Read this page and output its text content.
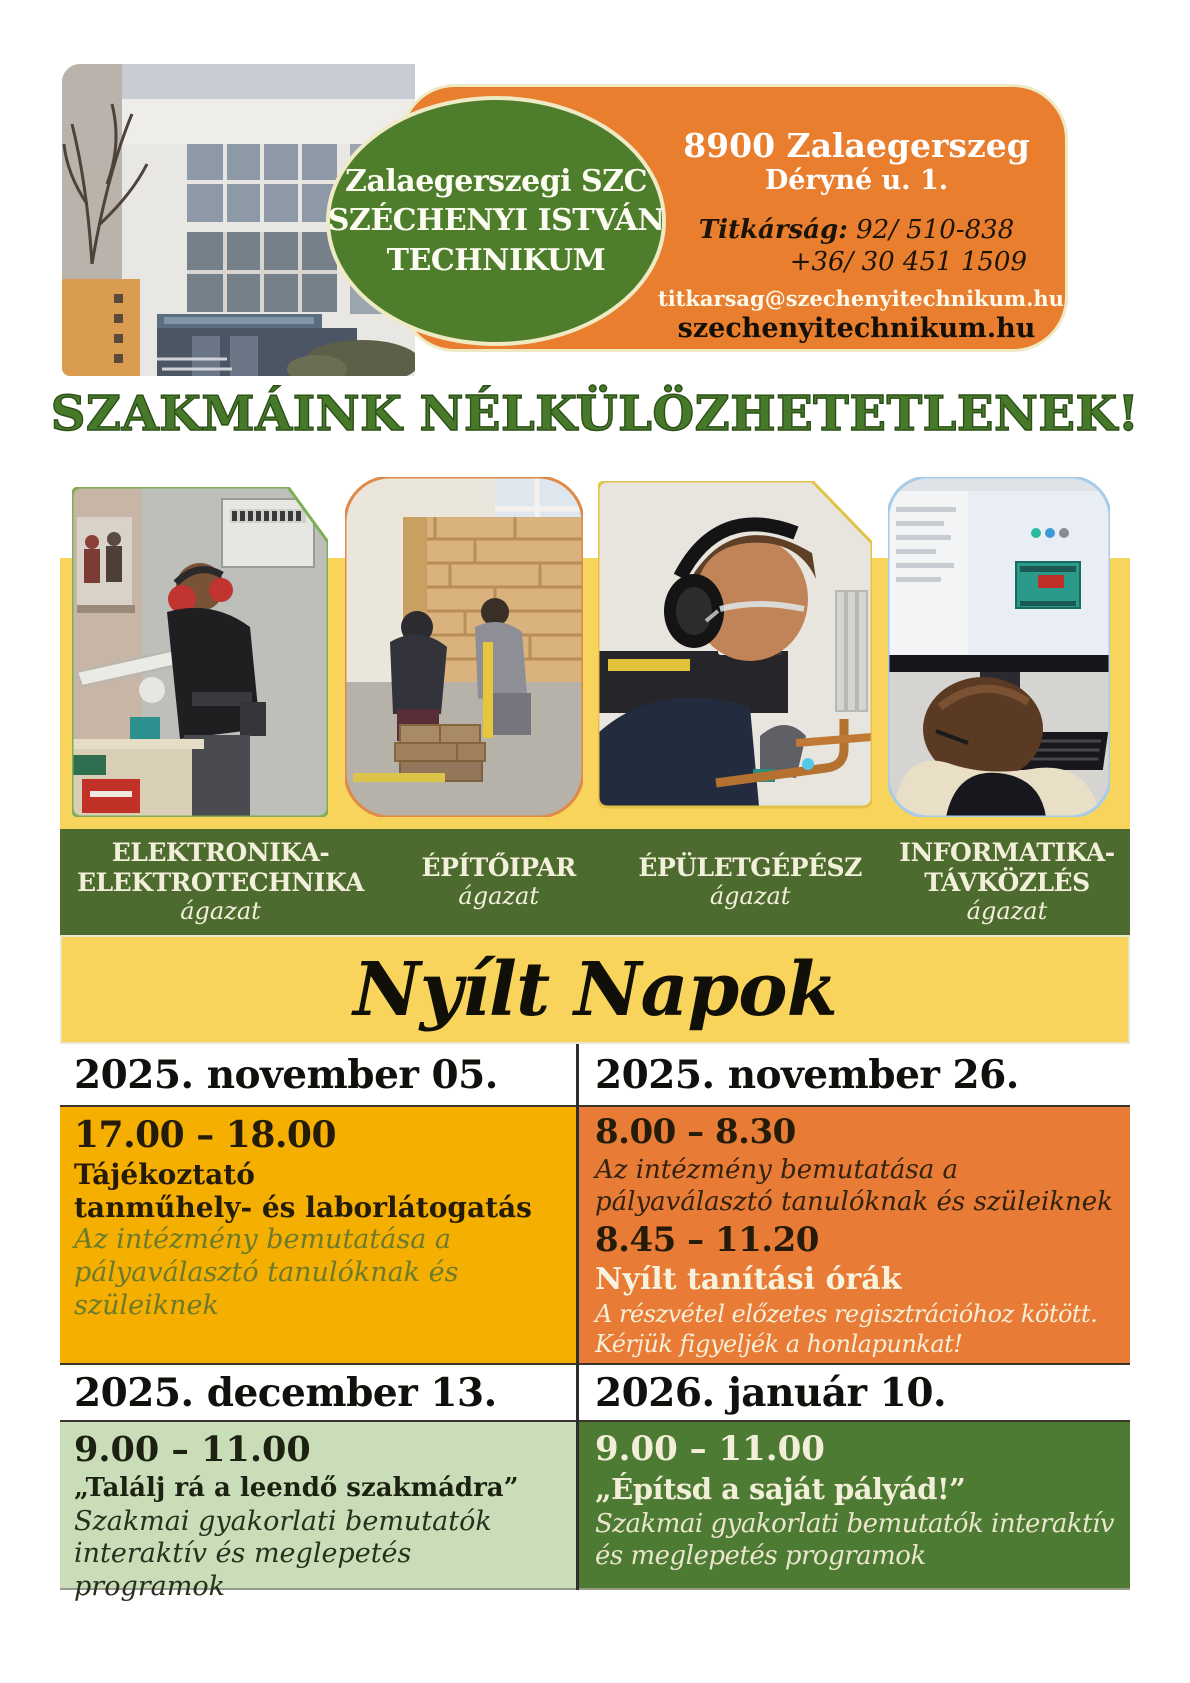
8900 Zalaegerszeg
Déryné u. 1.
Titkárság: 92/ 510-838
+36/ 30 451 1509
titkarsag@szechenyitechnikum.hu
szechenyitechnikum.hu
Zalaegerszegi SZC
SZÉCHENYI ISTVÁN
TECHNIKUM
SZAKMÁINK NÉLKÜLÖZHETETLENEK!
ELEKTRONIKA-
ELEKTROTECHNIKA
ágazat
ÉPÍTŐIPAR
ágazat
ÉPÜLETGÉPÉSZ
ágazat
INFORMATIKA-
TÁVKÖZLÉS
ágazat
Nyílt Napok
2025. november 05.	2025. november 26.
17.00 – 18.00
Tájékoztató
tanműhely- és laborlátogatás
Az intézmény bemutatása a
pályaválasztó tanulóknak és
szüleiknek
8.00 – 8.30
Az intézmény bemutatása a
pályaválasztó tanulóknak és szüleiknek
8.45 – 11.20
Nyílt tanítási órák
A részvétel előzetes regisztrációhoz kötött.
Kérjük figyeljék a honlapunkat!
2025. december 13.	2026. január 10.
9.00 – 11.00
„Találj rá a leendő szakmádra”
Szakmai gyakorlati bemutatók
interaktív és meglepetés programok
9.00 – 11.00
„Építsd a saját pályád!”
Szakmai gyakorlati bemutatók interaktív
és meglepetés programok
